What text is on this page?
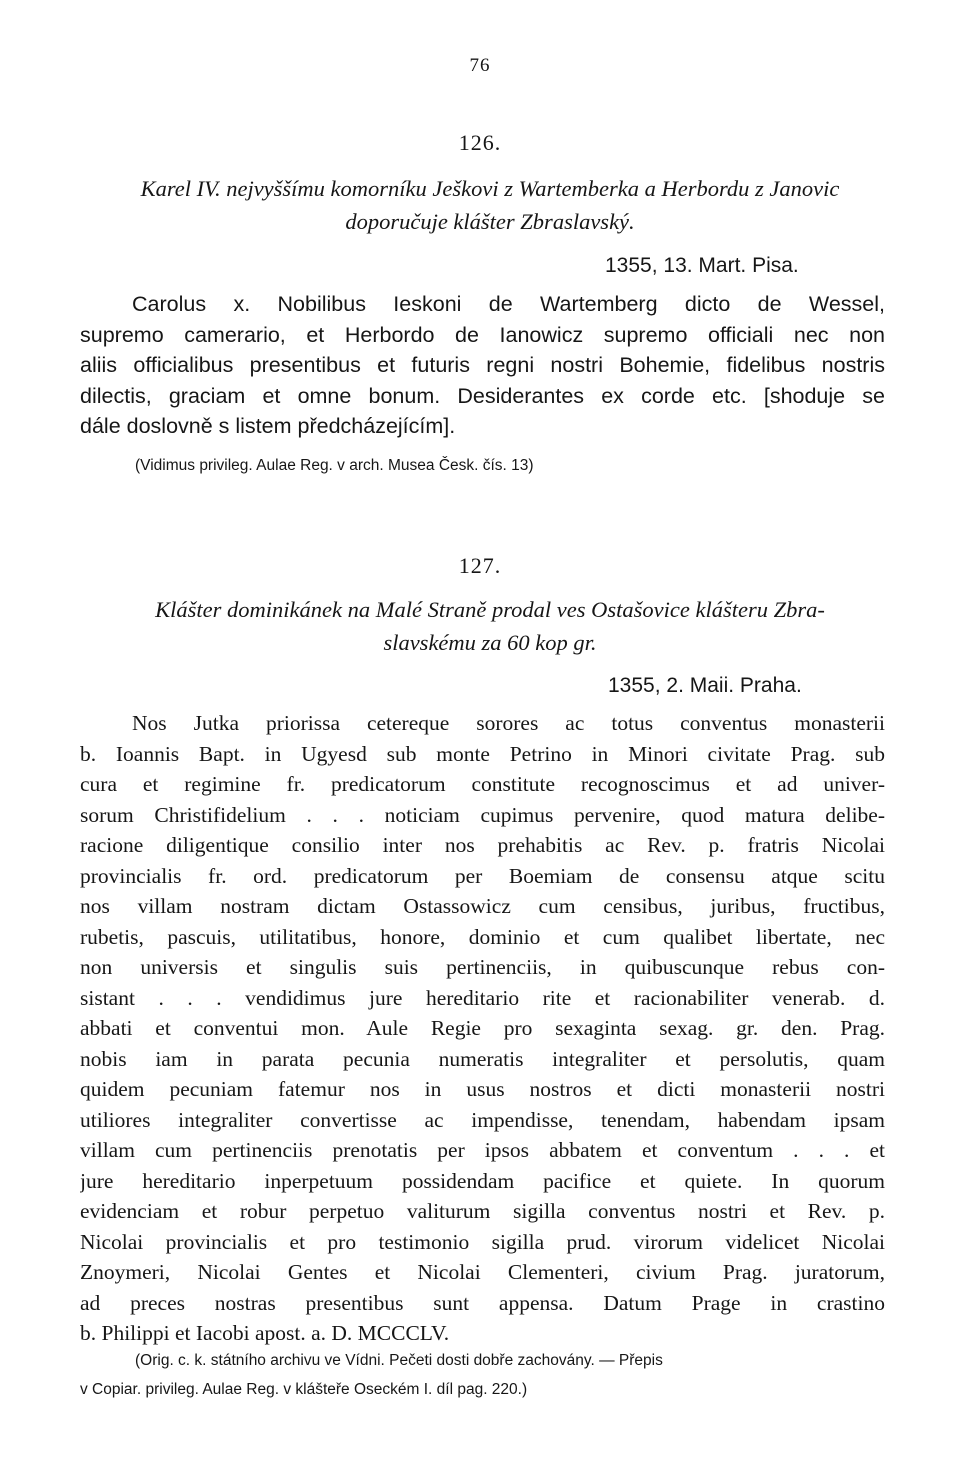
76
126.
Karel IV. nejvyššímu komorníku Ješkovi z Wartemberka a Herbordu z Janovic
doporučuje klášter Zbraslavský.
1355, 13. Mart. Pisa.
Carolus x. Nobilibus Ieskoni de Wartemberg dicto de Wessel,
supremo camerario, et Herbordo de Ianowicz supremo officiali nec non
aliis officialibus presentibus et futuris regni nostri Bohemie, fidelibus nostris
dilectis, graciam et omne bonum. Desiderantes ex corde etc. [shoduje se
dále doslovně s listem předcházejícím].
(Vidimus privileg. Aulae Reg. v arch. Musea Česk. čís. 13)
127.
Klášter dominikánek na Malé Straně prodal ves Ostašovice klášteru Zbra-
slavskému za 60 kop gr.
1355, 2. Maii. Praha.
Nos Jutka priorissa cetereque sorores ac totus conventus monasterii
b. Ioannis Bapt. in Ugyesd sub monte Petrino in Minori civitate Prag. sub
cura et regimine fr. predicatorum constitute recognoscimus et ad univer-
sorum Christifidelium . . . noticiam cupimus pervenire, quod matura delibe-
racione diligentique consilio inter nos prehabitis ac Rev. p. fratris Nicolai
provincialis fr. ord. predicatorum per Boemiam de consensu atque scitu
nos villam nostram dictam Ostassowicz cum censibus, juribus, fructibus,
rubetis, pascuis, utilitatibus, honore, dominio et cum qualibet libertate, nec
non universis et singulis suis pertinenciis, in quibuscunque rebus con-
sistant . . . vendidimus jure hereditario rite et racionabiliter venerab. d.
abbati et conventui mon. Aule Regie pro sexaginta sexag. gr. den. Prag.
nobis iam in parata pecunia numeratis integraliter et persolutis, quam
quidem pecuniam fatemur nos in usus nostros et dicti monasterii nostri
utiliores integraliter convertisse ac impendisse, tenendam, habendam ipsam
villam cum pertinenciis prenotatis per ipsos abbatem et conventum . . . et
jure hereditario inperpetuum possidendam pacifice et quiete. In quorum
evidenciam et robur perpetuo valiturum sigilla conventus nostri et Rev. p.
Nicolai provincialis et pro testimonio sigilla prud. virorum videlicet Nicolai
Znoymeri, Nicolai Gentes et Nicolai Clementeri, civium Prag. juratorum,
ad preces nostras presentibus sunt appensa. Datum Prage in crastino
b. Philippi et Iacobi apost. a. D. MCCCLV.
(Orig. c. k. státního archivu ve Vídni. Pečeti dosti dobře zachovány. — Přepis
v Copiar. privileg. Aulae Reg. v klášteře Oseckém I. díl pag. 220.)
